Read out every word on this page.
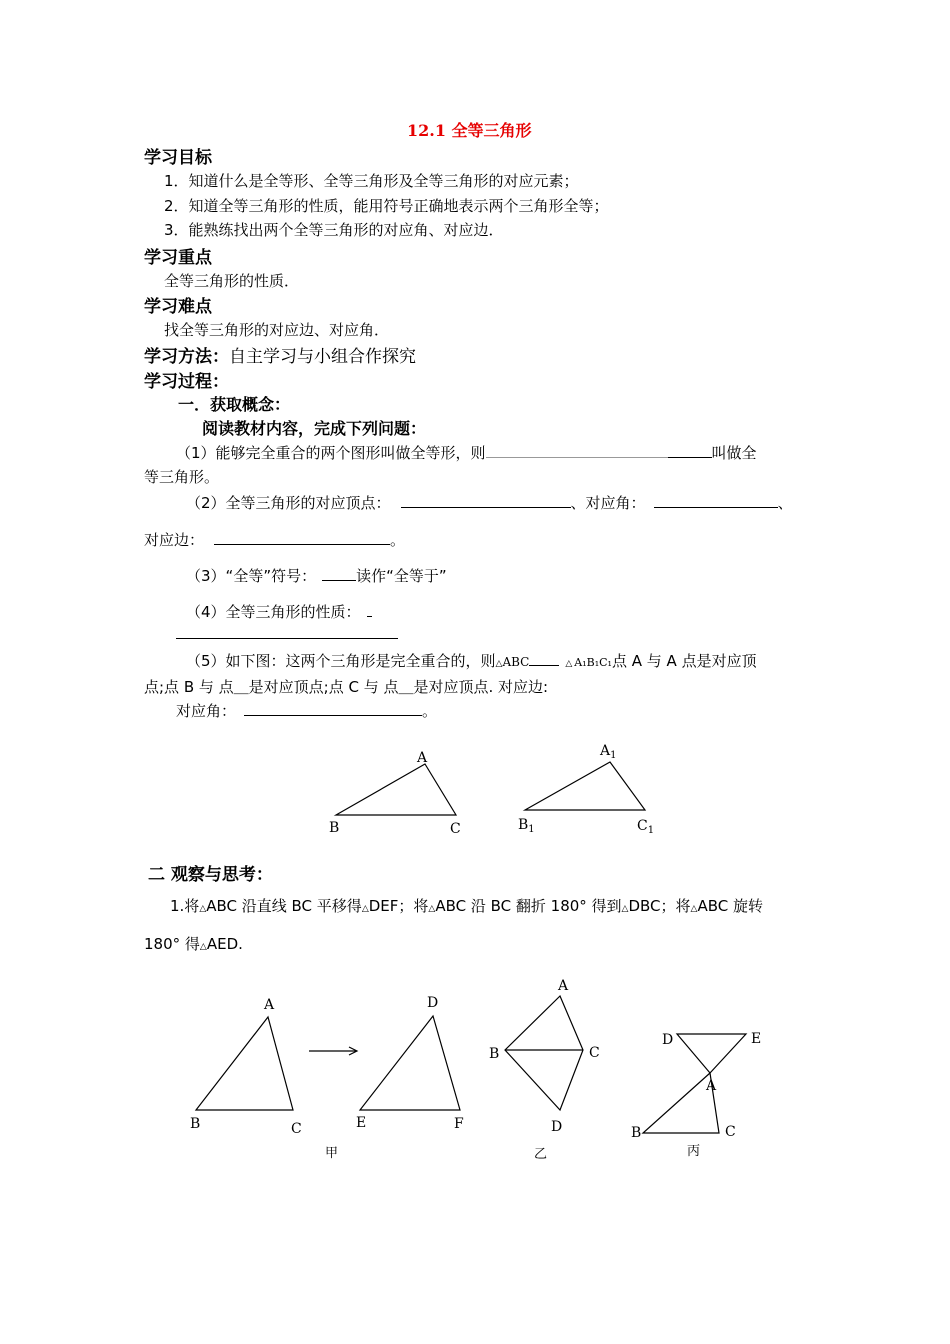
12.1 全等三角形
学习目标
1．知道什么是全等形、全等三角形及全等三角形的对应元素；
2．知道全等三角形的性质，能用符号正确地表示两个三角形全等；
3．能熟练找出两个全等三角形的对应角、对应边．
学习重点
全等三角形的性质．
学习难点
找全等三角形的对应边、对应角．
学习方法：自主学习与小组合作探究
学习过程：
一．获取概念：
阅读教材内容，完成下列问题：
（1）能够完全重合的两个图形叫做全等形，则	叫做全
等三角形。
（2）全等三角形的对应顶点：	、对应角：	、
对应边：	。
（3）“全等”符号：	读作“全等于”
（4）全等三角形的性质：
（5）如下图：这两个三角形是完全重合的，则△ABC	△ A₁B₁C₁点 A 与 A 点是对应顶
点;点 B 与 点＿是对应顶点;点 C 与 点＿是对应顶点. 对应边:
对应角：	。
A
B	C
$A_1$
$B_1$	$C_1$
二 观察与思考：
1.将△ABC 沿直线 BC 平移得△DEF；将△ABC 沿 BC 翻折 180° 得到△DBC；将△ABC 旋转
180° 得△AED.
A
B	C
D
E	F
甲
A
B	C
D
乙
D	E
A
B	C
丙
